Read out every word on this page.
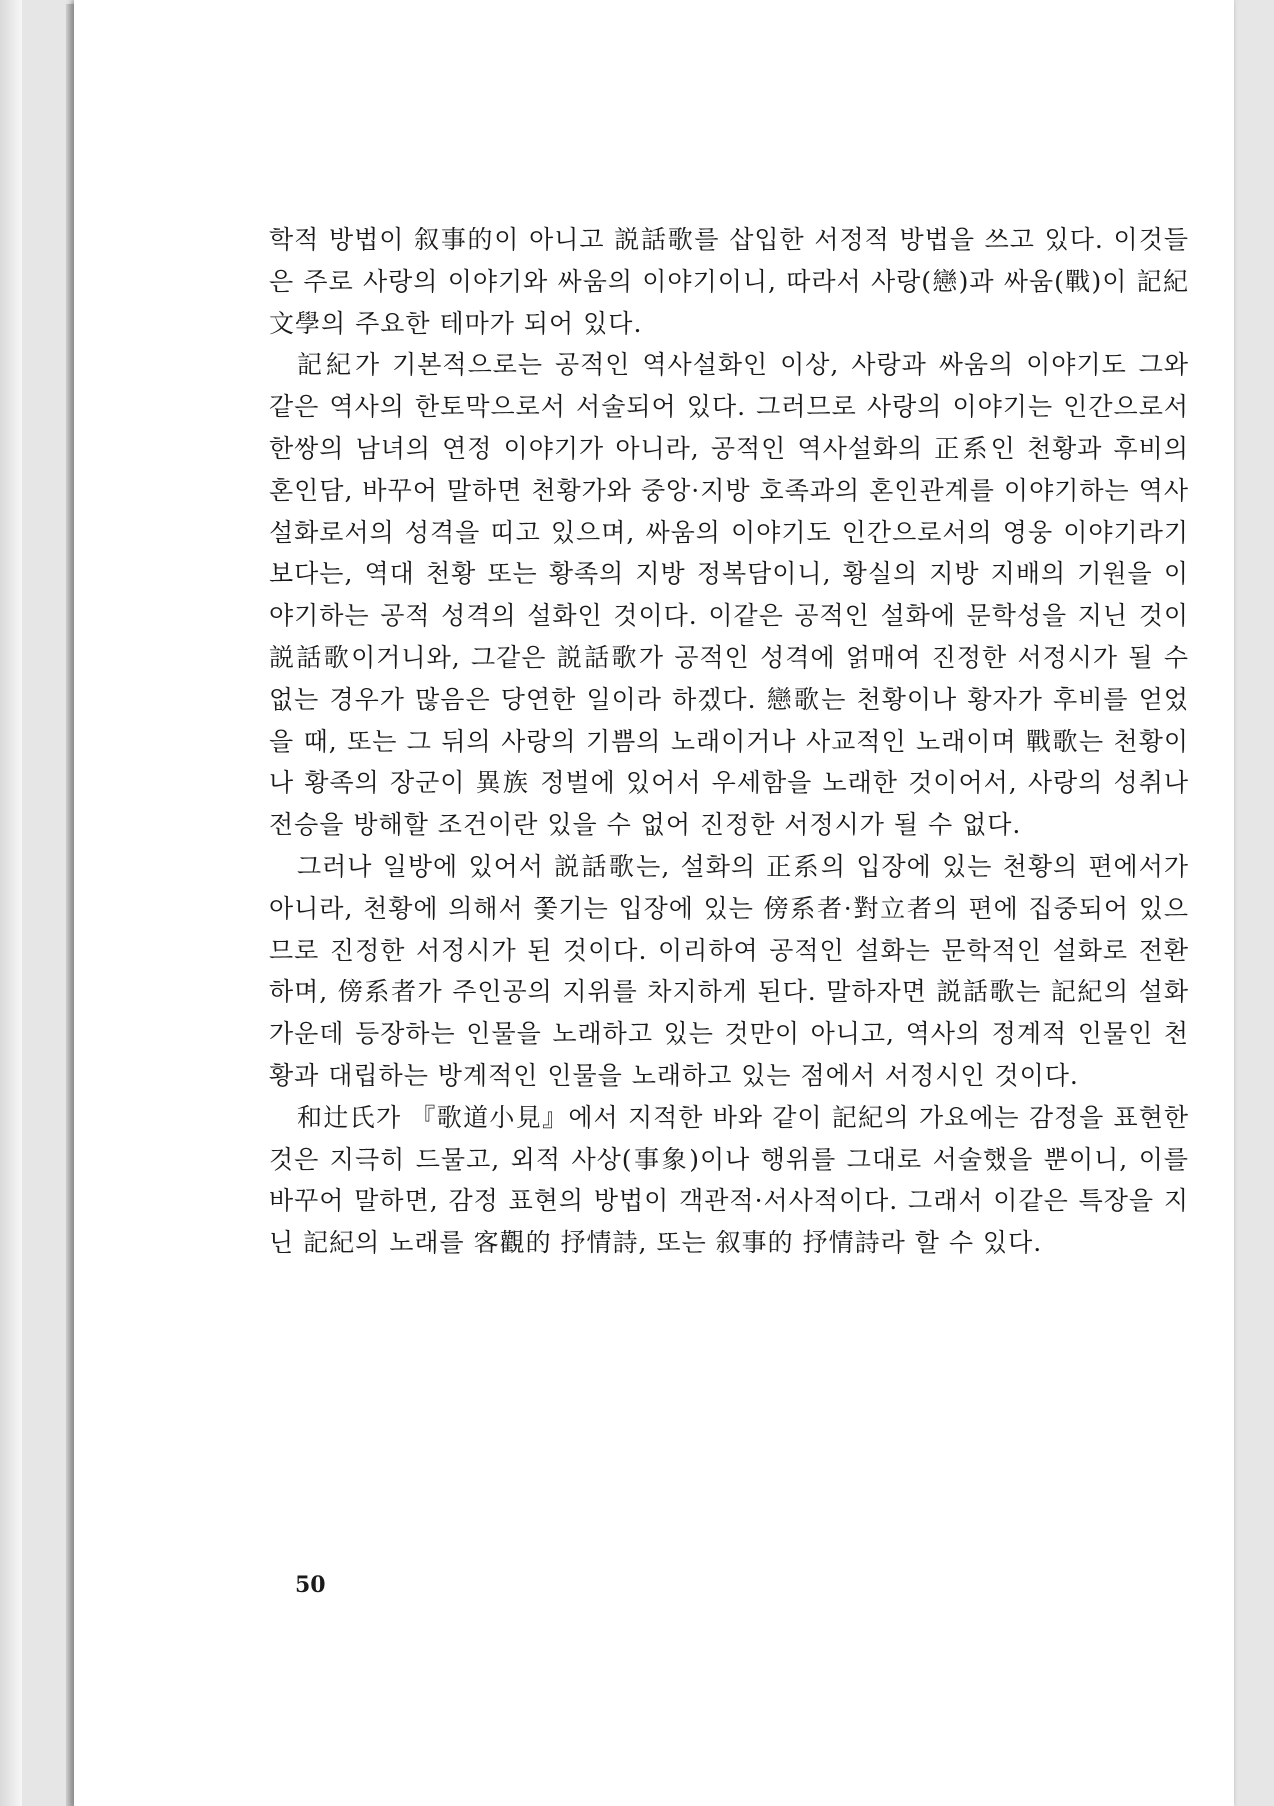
학적 방법이 叙事的이 아니고 説話歌를 삽입한 서정적 방법을 쓰고 있다. 이것들은 주로 사랑의 이야기와 싸움의 이야기이니, 따라서 사랑(戀)과 싸움(戰)이 記紀文學의 주요한 테마가 되어 있다.

記紀가 기본적으로는 공적인 역사설화인 이상, 사랑과 싸움의 이야기도 그와 같은 역사의 한토막으로서 서술되어 있다. 그러므로 사랑의 이야기는 인간으로서 한쌍의 남녀의 연정 이야기가 아니라, 공적인 역사설화의 正系인 천황과 후비의 혼인담, 바꾸어 말하면 천황가와 중앙·지방 호족과의 혼인관계를 이야기하는 역사 설화로서의 성격을 띠고 있으며, 싸움의 이야기도 인간으로서의 영웅 이야기라기보다는, 역대 천황 또는 황족의 지방 정복담이니, 황실의 지방 지배의 기원을 이야기하는 공적 성격의 설화인 것이다. 이같은 공적인 설화에 문학성을 지닌 것이 説話歌이거니와, 그같은 説話歌가 공적인 성격에 얽매여 진정한 서정시가 될 수 없는 경우가 많음은 당연한 일이라 하겠다. 戀歌는 천황이나 황자가 후비를 얻었을 때, 또는 그 뒤의 사랑의 기쁨의 노래이거나 사교적인 노래이며 戰歌는 천황이나 황족의 장군이 異族 정벌에 있어서 우세함을 노래한 것이어서, 사랑의 성취나 전승을 방해할 조건이란 있을 수 없어 진정한 서정시가 될 수 없다.

그러나 일방에 있어서 説話歌는, 설화의 正系의 입장에 있는 천황의 편에서가 아니라, 천황에 의해서 쫓기는 입장에 있는 傍系者·對立者의 편에 집중되어 있으므로 진정한 서정시가 된 것이다. 이리하여 공적인 설화는 문학적인 설화로 전환하며, 傍系者가 주인공의 지위를 차지하게 된다. 말하자면 説話歌는 記紀의 설화 가운데 등장하는 인물을 노래하고 있는 것만이 아니고, 역사의 정계적 인물인 천황과 대립하는 방계적인 인물을 노래하고 있는 점에서 서정시인 것이다.

和辻氏가 『歌道小見』에서 지적한 바와 같이 記紀의 가요에는 감정을 표현한 것은 지극히 드물고, 외적 사상(事象)이나 행위를 그대로 서술했을 뿐이니, 이를 바꾸어 말하면, 감정 표현의 방법이 객관적·서사적이다. 그래서 이같은 특장을 지닌 記紀의 노래를 客觀的 抒情詩, 또는 叙事的 抒情詩라 할 수 있다.

50
